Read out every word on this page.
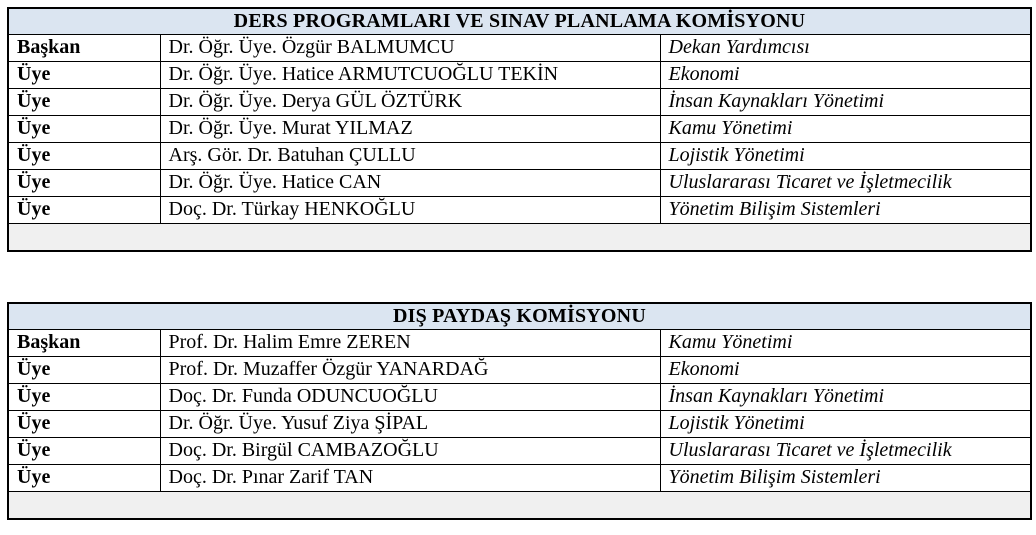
DERS PROGRAMLARI VE SINAV PLANLAMA KOMİSYONU		
Başkan	Dr. Öğr. Üye. Özgür BALMUMCU	Dekan Yardımcısı
Üye	Dr. Öğr. Üye. Hatice ARMUTCUOĞLU TEKİN	Ekonomi
Üye	Dr. Öğr. Üye. Derya GÜL ÖZTÜRK	İnsan Kaynakları Yönetimi
Üye	Dr. Öğr. Üye. Murat YILMAZ	Kamu Yönetimi
Üye	Arş. Gör. Dr. Batuhan ÇULLU	Lojistik Yönetimi
Üye	Dr. Öğr. Üye. Hatice CAN	Uluslararası Ticaret ve İşletmecilik
Üye	Doç. Dr. Türkay HENKOĞLU	Yönetim Bilişim Sistemleri

DIŞ PAYDAŞ KOMİSYONU		
Başkan	Prof. Dr. Halim Emre ZEREN	Kamu Yönetimi
Üye	Prof. Dr. Muzaffer Özgür YANARDAĞ	Ekonomi
Üye	Doç. Dr. Funda ODUNCUOĞLU	İnsan Kaynakları Yönetimi
Üye	Dr. Öğr. Üye. Yusuf Ziya ŞİPAL	Lojistik Yönetimi
Üye	Doç. Dr. Birgül CAMBAZOĞLU	Uluslararası Ticaret ve İşletmecilik
Üye	Doç. Dr. Pınar Zarif TAN	Yönetim Bilişim Sistemleri
